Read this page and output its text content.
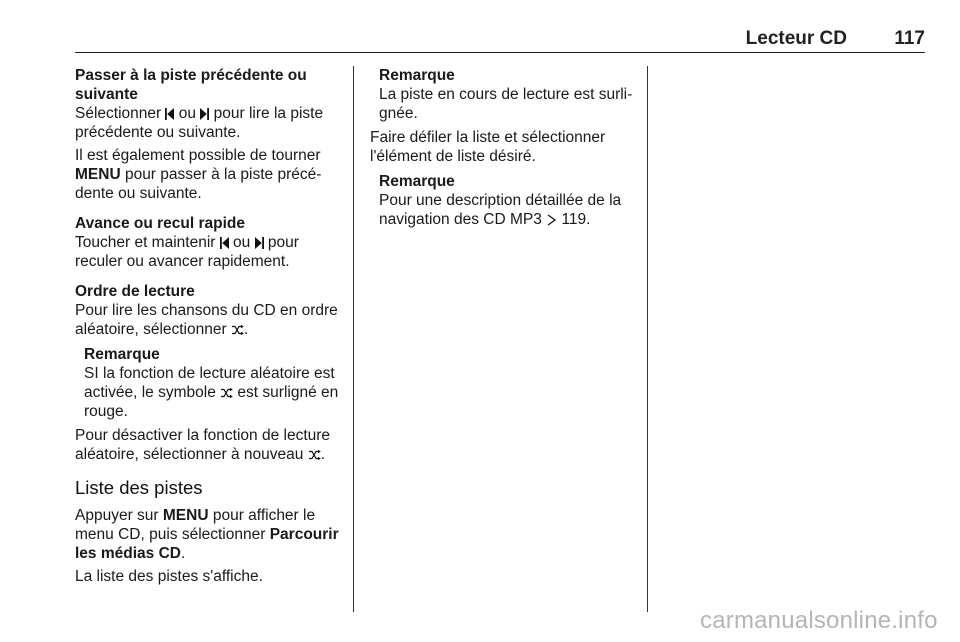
Lecteur CD 117
Passer à la piste précédente ou suivante

Sélectionner
ou
pour lire la piste précédente ou suivante.

Il est également possible de tourner MENU pour passer à la piste précé-dente ou suivante.

Avance ou recul rapide

Toucher et maintenir
ou
pour reculer ou avancer rapidement.

Ordre de lecture

Pour lire les chansons du CD en ordre aléatoire, sélectionner
.

Remarque
SI la fonction de lecture aléatoire est activée, le symbole
est surligné en rouge.

Pour désactiver la fonction de lecture aléatoire, sélectionner à nouveau
.

Liste des pistes

Appuyer sur MENU pour afficher le menu CD, puis sélectionner Parcourir les médias CD.

La liste des pistes s'affiche.

Remarque
La piste en cours de lecture est surli-gnée.

Faire défiler la liste et sélectionner l'élément de liste désiré.

Remarque
Pour une description détaillée de la navigation des CD MP3
119.
carmanualsonline.info
